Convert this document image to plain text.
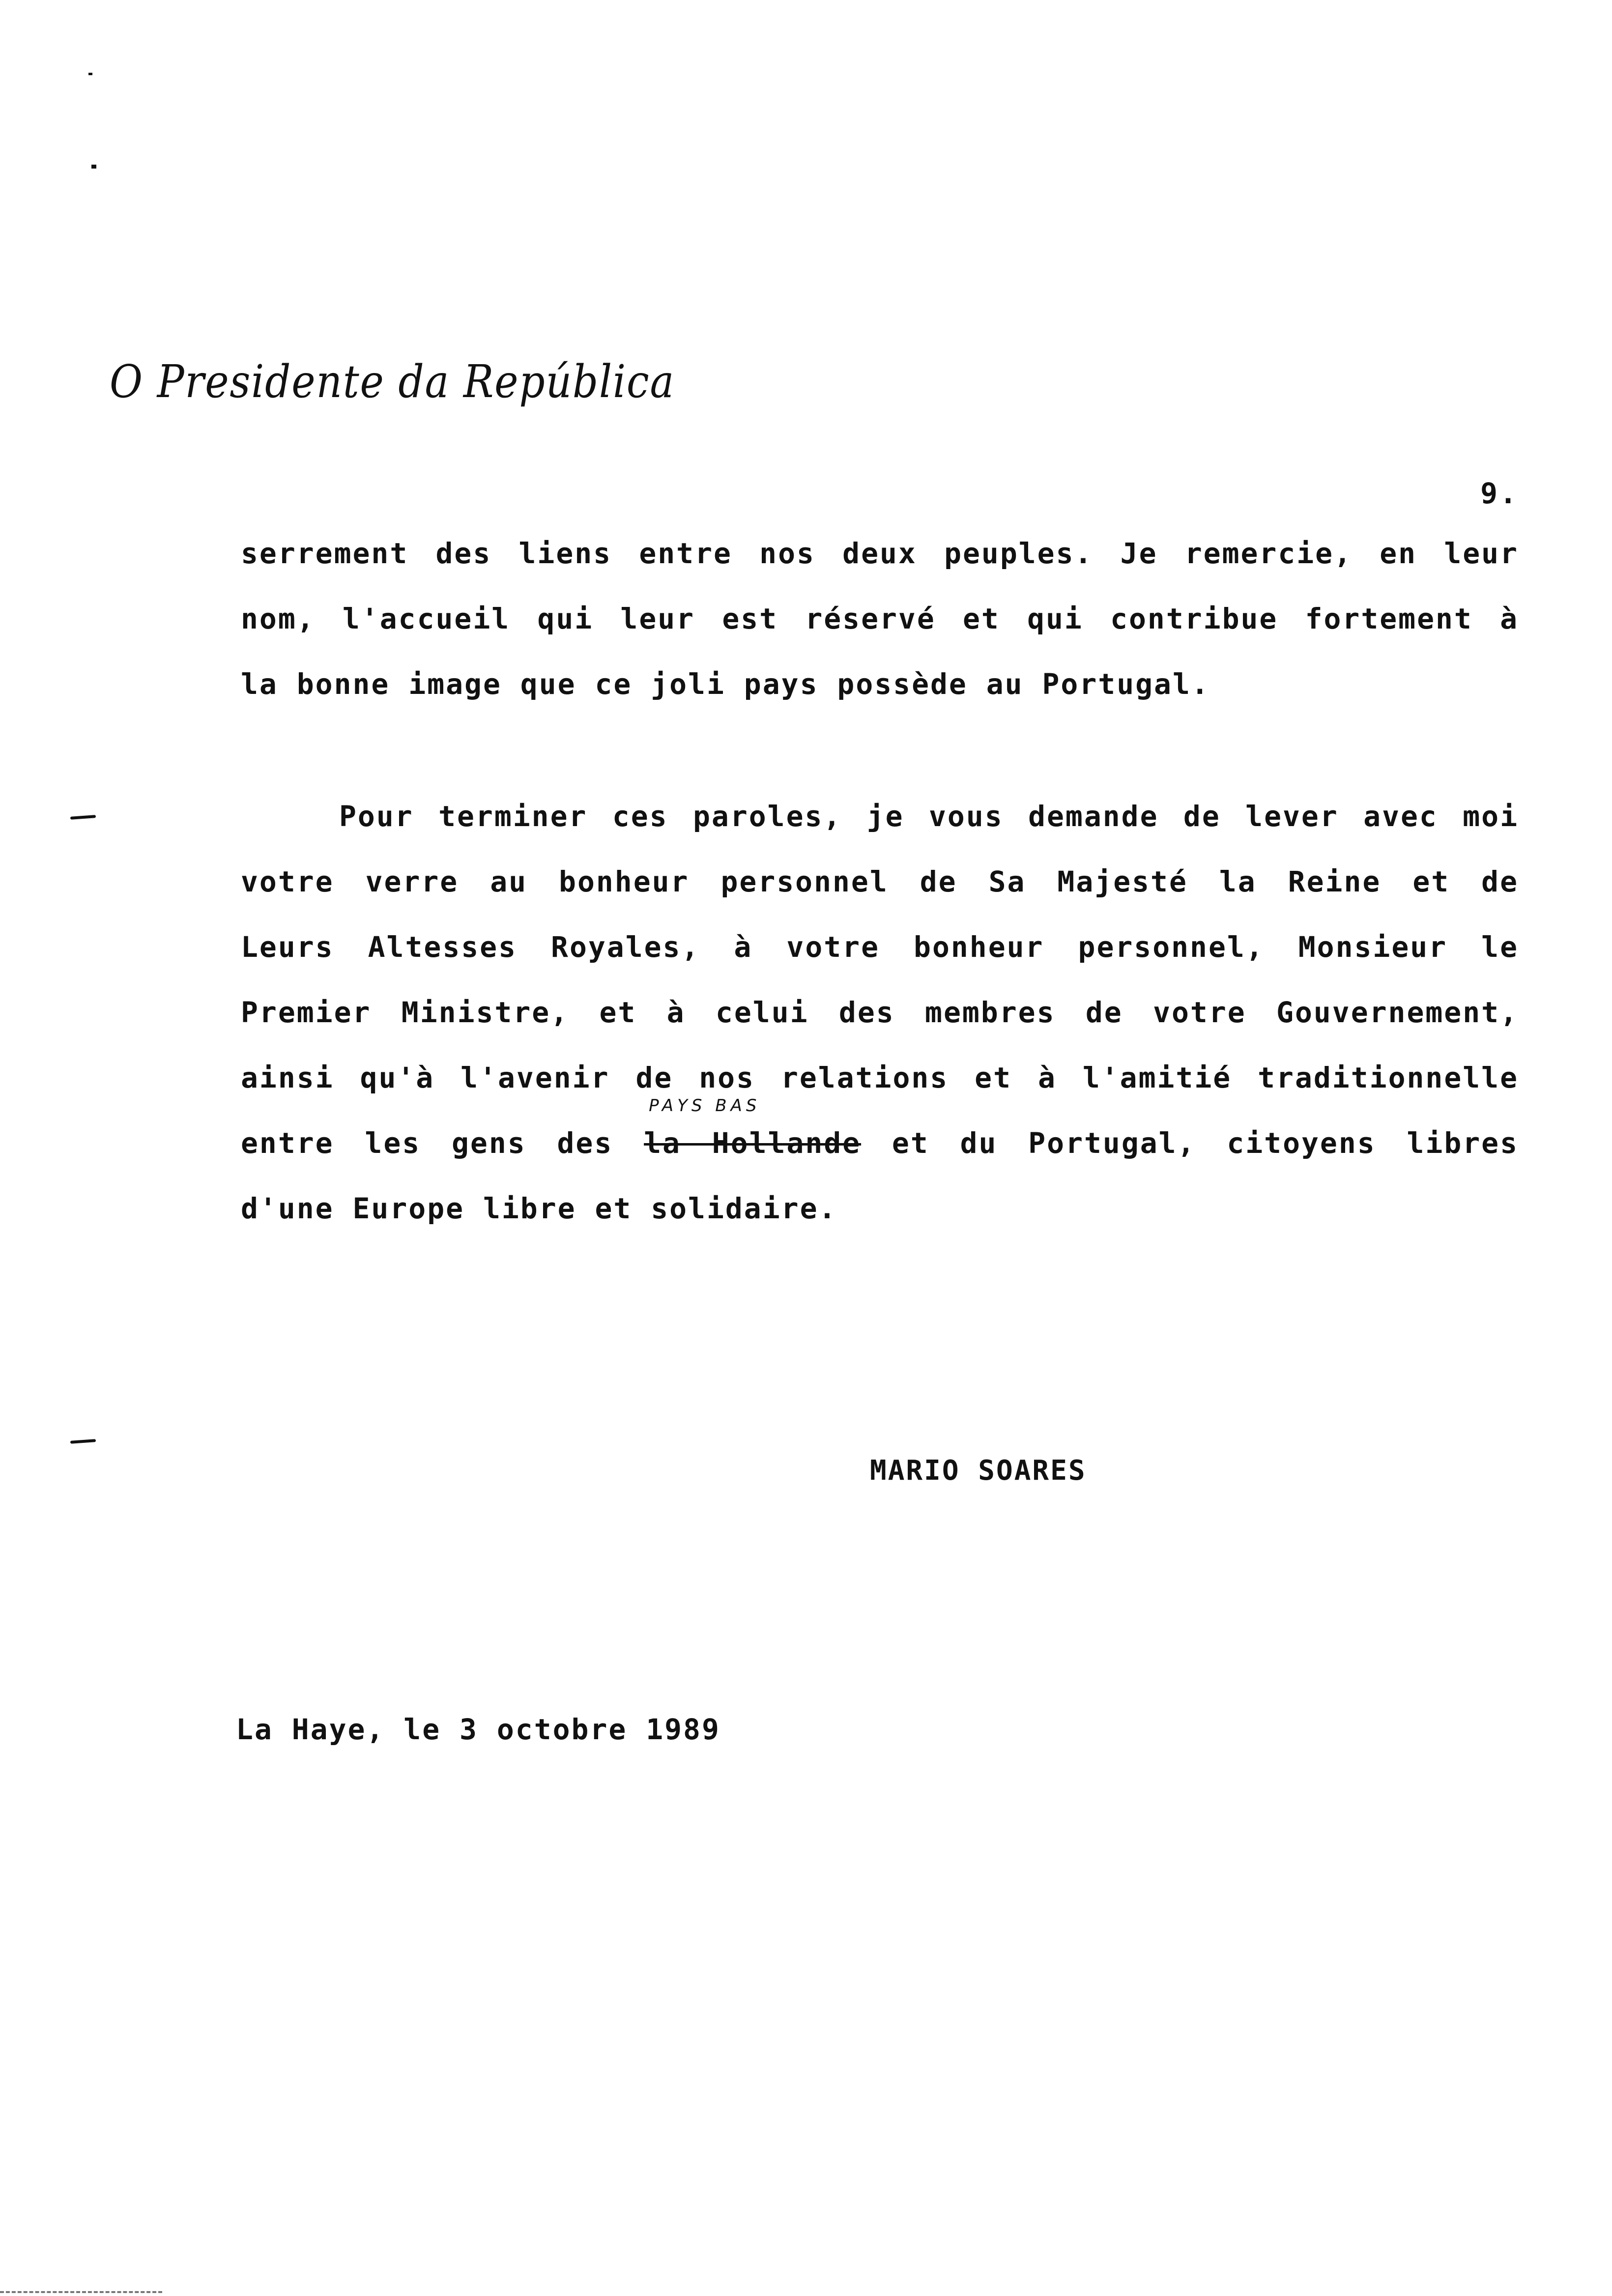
O Presidente da República
9.
serrement des liens entre nos deux peuples. Je remercie, en leur
nom, l'accueil qui leur est réservé et qui contribue fortement à
la bonne image que ce joli pays possède au Portugal.
Pour terminer ces paroles, je vous demande de lever avec moi
votre verre au bonheur personnel de Sa Majesté la Reine et de
Leurs Altesses Royales, à votre bonheur personnel, Monsieur le
Premier Ministre, et à celui des membres de votre Gouvernement,
ainsi qu'à l'avenir de nos relations et à l'amitié traditionnelle
entre les gens des la Hollande
PAYS BAS
et du Portugal, citoyens libres
d'une Europe libre et solidaire.
MARIO SOARES
La Haye, le 3 octobre 1989
